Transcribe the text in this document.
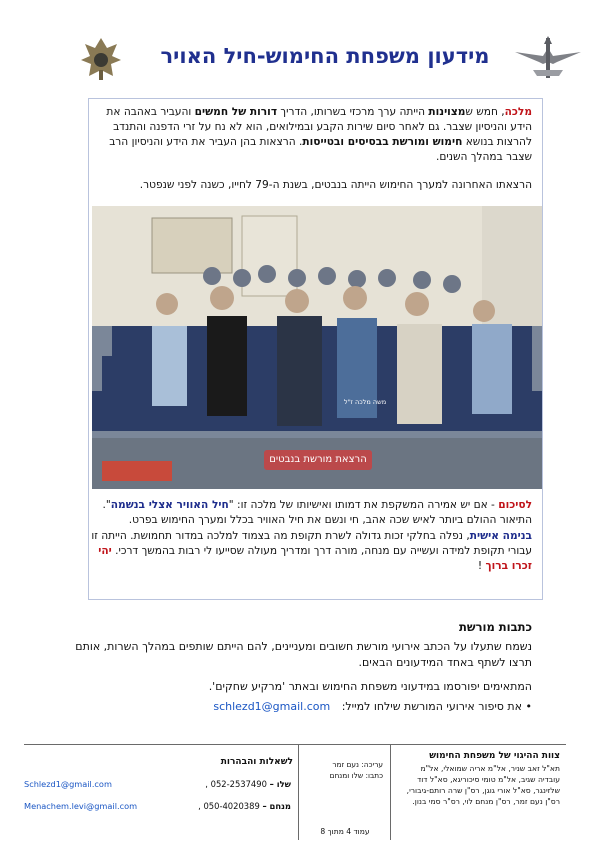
מידעון משפחת החימוש-חיל האויר
מלכה, חמש שמצוינות הייתה ערך מרכזי בשרותו, הדריך דורות של חמשים והעביר באהבה את הידע והניסיון שצבר. גם לאחר סיום שירות הקבע ובמילואים, הוא לא נח על זרי הדפנה והתנדב להרצות בנושא חימוש ומורשת בבסיסים ובטייסות. הרצאות בהן העביר את הידע והניסיון הרב שצבר במהלך השנים.
הרצאתו האחרונה למערך החימוש הייתה בנבטים, בשנת ה-79 לחייו, כשנה לפני שנפטר.
הרצאת מורשת בנבטים
משה מלכה ז"ל
לסיכום - אם יש אמירה המשקפת את דמותו ואישיותו של מלכה זו: "חיל האוויר אצלי בנשמה". התיאור ההולם ביותר לאיש שכה אהב, חי ונשם את חיל האוויר בכלל ומערך החימוש בפרט.
בנימה אישית, נפלה בחלקי זכות גדולה לשרת תקופת מה בצמוד למלכה במדור תחמושת. הייתה זו עבורי תקופת למידה ועשייה עם מנחה, מורה דרך ומדריך מעולה שסייעו לי רבות בהמשך דרכי. יהי זכרו ברוך !
כתבות מורשת
נשמח שתעלו על הכתב אירועי מורשת חשובים ומעניינים, להם הייתם שותפים במהלך השרות, אותם תרצו לשתף באחד המידעונים הבאים.
המתאימים יפורסמו במידעוני משפחת החימוש ובאתר 'מרקיע שחקים'.
• את סיפור אירועי המורשת שילחו למייל: schlezd1@gmail.com
צוות ההיגוי של משפחת החימוש
תא"ל זאב שניר, אל"מ אריה שמואלי, אל"מ עובדיה שגיב, אל"מ טומי סיכוריגא, סא"ל דוד שלזינגר, סא"ל אורי גוגן, רס"ן שרה רותם-גיבורי, רס"ן נעם זמר, רס"ן מנחם לוי, רס"ר סמי בנון.
עריכה: נעם זמר
כתבו: שלו ומנחם
עמוד 4 מתוך 8
לשאלות והבהרות
שלו – 052-2537490 ,
Schlezd1@gmail.com
מנחם – 050-4020389 ,
Menachem.levi@gmail.com
